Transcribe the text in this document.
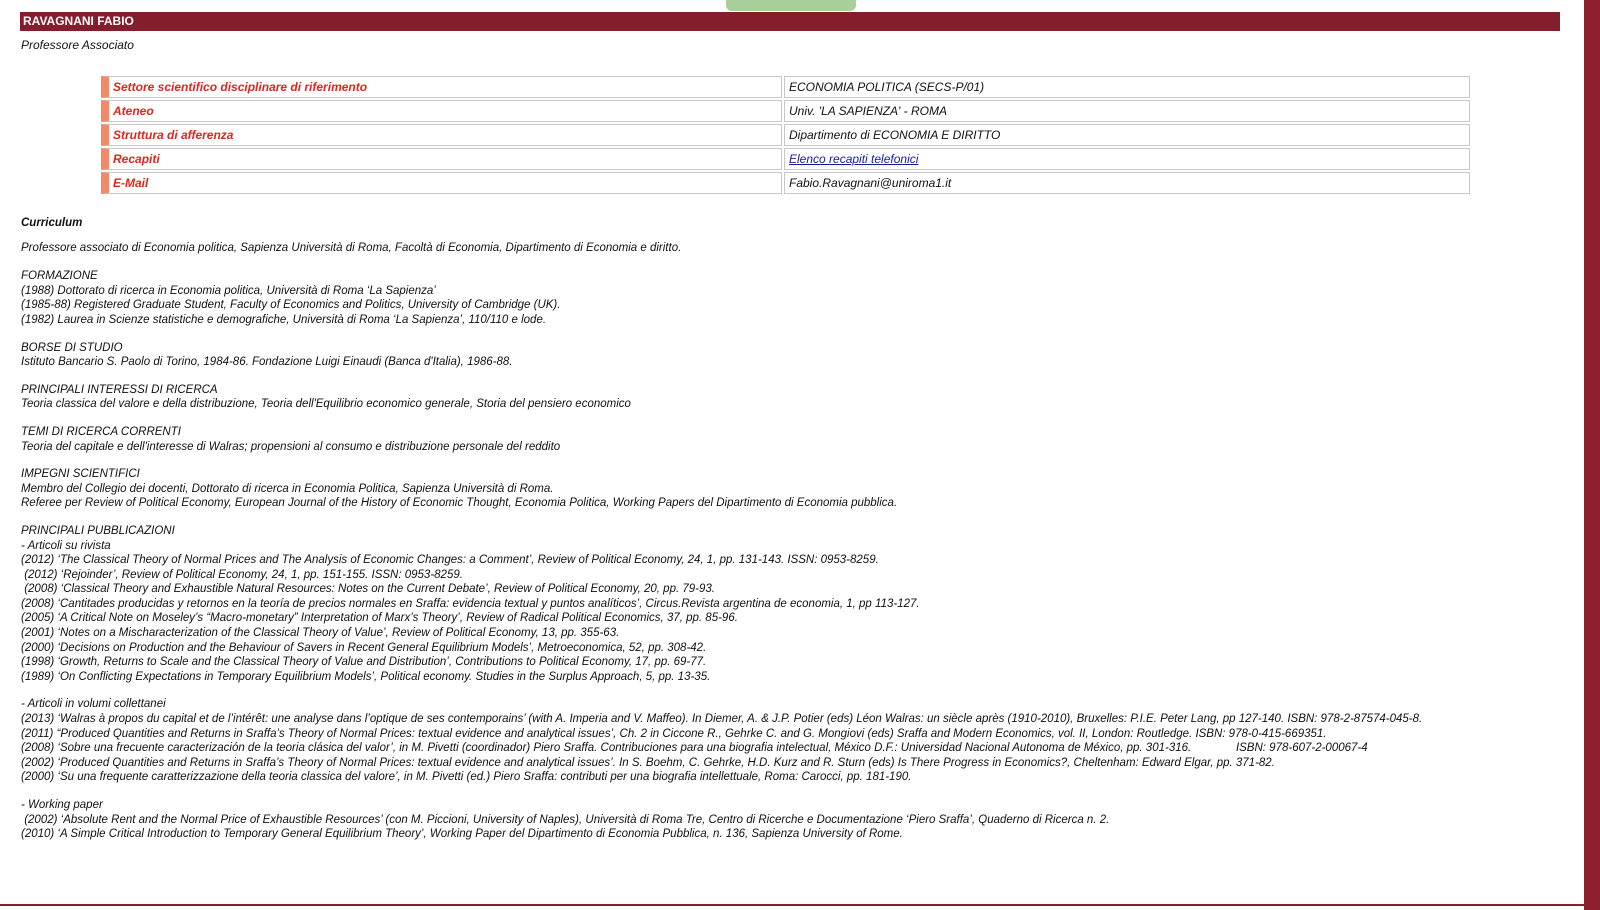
RAVAGNANI FABIO
Professore Associato
Settore scientifico disciplinare di riferimento	ECONOMIA POLITICA (SECS-P/01)
Ateneo	Univ. 'LA SAPIENZA' - ROMA
Struttura di afferenza	Dipartimento di ECONOMIA E DIRITTO
Recapiti	Elenco recapiti telefonici
E-Mail	Fabio.Ravagnani@uniroma1.it
Curriculum
Professore associato di Economia politica, Sapienza Università di Roma, Facoltà di Economia, Dipartimento di Economia e diritto.
FORMAZIONE
(1988) Dottorato di ricerca in Economia politica, Università di Roma ‘La Sapienza’
(1985-88) Registered Graduate Student, Faculty of Economics and Politics, University of Cambridge (UK).
(1982) Laurea in Scienze statistiche e demografiche, Università di Roma ‘La Sapienza’, 110/110 e lode.
BORSE DI STUDIO
Istituto Bancario S. Paolo di Torino, 1984-86. Fondazione Luigi Einaudi (Banca d'Italia), 1986-88.
PRINCIPALI INTERESSI DI RICERCA
Teoria classica del valore e della distribuzione, Teoria dell'Equilibrio economico generale, Storia del pensiero economico
TEMI DI RICERCA CORRENTI
Teoria del capitale e dell'interesse di Walras; propensioni al consumo e distribuzione personale del reddito
IMPEGNI SCIENTIFICI
Membro del Collegio dei docenti, Dottorato di ricerca in Economia Politica, Sapienza Università di Roma.
Referee per Review of Political Economy, European Journal of the History of Economic Thought, Economia Politica, Working Papers del Dipartimento di Economia pubblica.
PRINCIPALI PUBBLICAZIONI
- Articoli su rivista
(2012) ‘The Classical Theory of Normal Prices and The Analysis of Economic Changes: a Comment’, Review of Political Economy, 24, 1, pp. 131-143. ISSN: 0953-8259.
(2012) ‘Rejoinder’, Review of Political Economy, 24, 1, pp. 151-155. ISSN: 0953-8259.
(2008) ‘Classical Theory and Exhaustible Natural Resources: Notes on the Current Debate’, Review of Political Economy, 20, pp. 79-93.
(2008) ‘Cantitades producidas y retornos en la teoría de precios normales en Sraffa: evidencia textual y puntos analíticos’, Circus.Revista argentina de economia, 1, pp 113-127.
(2005) ‘A Critical Note on Moseley’s “Macro-monetary” Interpretation of Marx’s Theory’, Review of Radical Political Economics, 37, pp. 85-96.
(2001) ‘Notes on a Mischaracterization of the Classical Theory of Value’, Review of Political Economy, 13, pp. 355-63.
(2000) ‘Decisions on Production and the Behaviour of Savers in Recent General Equilibrium Models’, Metroeconomica, 52, pp. 308-42.
(1998) ‘Growth, Returns to Scale and the Classical Theory of Value and Distribution’, Contributions to Political Economy, 17, pp. 69-77.
(1989) ‘On Conflicting Expectations in Temporary Equilibrium Models’, Political economy. Studies in the Surplus Approach, 5, pp. 13-35.
- Articoli in volumi collettanei
(2013) ‘Walras à propos du capital et de l’intérêt: une analyse dans l’optique de ses contemporains’ (with A. Imperia and V. Maffeo). In Diemer, A. & J.P. Potier (eds) Léon Walras: un siècle après (1910-2010), Bruxelles: P.I.E. Peter Lang, pp 127-140. ISBN: 978-2-87574-045-8.
(2011) “Produced Quantities and Returns in Sraffa’s Theory of Normal Prices: textual evidence and analytical issues’, Ch. 2 in Ciccone R., Gehrke C. and G. Mongiovi (eds) Sraffa and Modern Economics, vol. II, London: Routledge. ISBN: 978-0-415-669351.
(2008) ‘Sobre una frecuente caracterización de la teoria clásica del valor’, in M. Pivetti (coordinador) Piero Sraffa. Contribuciones para una biografia intelectual, México D.F.: Universidad Nacional Autonoma de México, pp. 301-316.              ISBN: 978-607-2-00067-4
(2002) ‘Produced Quantities and Returns in Sraffa’s Theory of Normal Prices: textual evidence and analytical issues’. In S. Boehm, C. Gehrke, H.D. Kurz and R. Sturn (eds) Is There Progress in Economics?, Cheltenham: Edward Elgar, pp. 371-82.
(2000) ‘Su una frequente caratterizzazione della teoria classica del valore’, in M. Pivetti (ed.) Piero Sraffa: contributi per una biografia intellettuale, Roma: Carocci, pp. 181-190.
- Working paper
(2002) ‘Absolute Rent and the Normal Price of Exhaustible Resources’ (con M. Piccioni, University of Naples), Università di Roma Tre, Centro di Ricerche e Documentazione ‘Piero Sraffa’, Quaderno di Ricerca n. 2.
(2010) ‘A Simple Critical Introduction to Temporary General Equilibrium Theory’, Working Paper del Dipartimento di Economia Pubblica, n. 136, Sapienza University of Rome.
